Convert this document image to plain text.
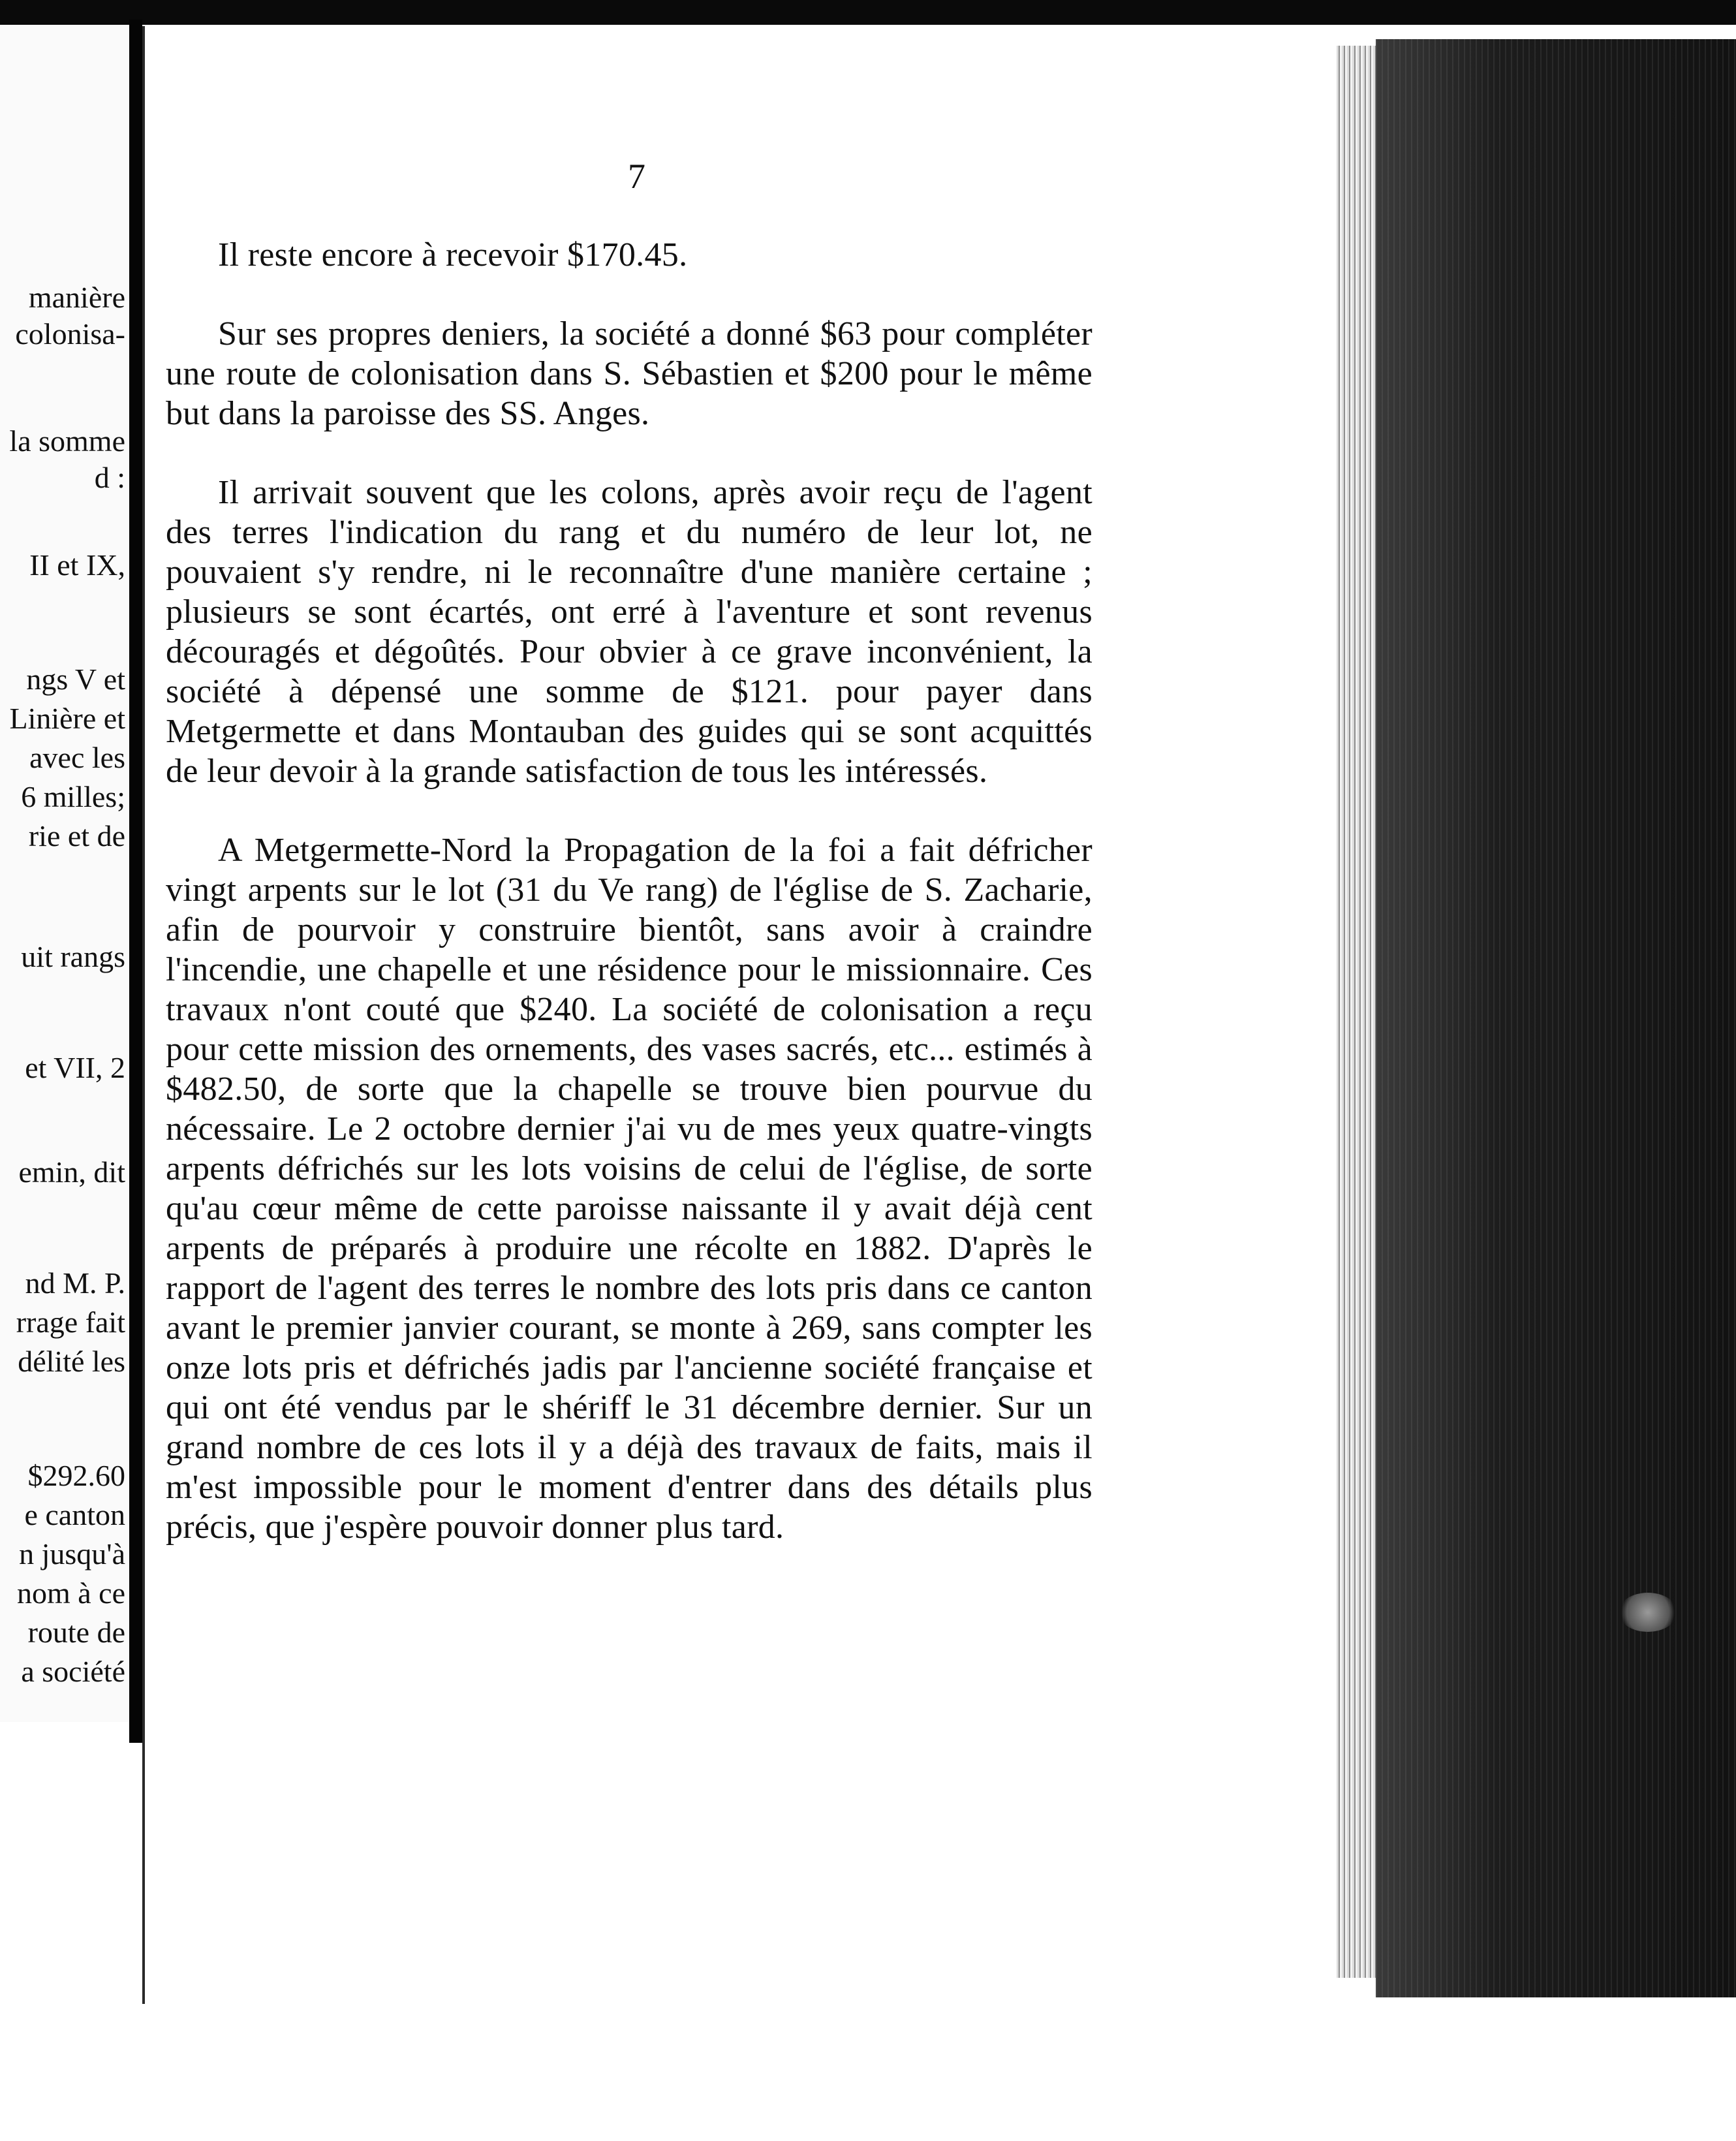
manière
colonisa-
la somme
d :
II et IX,
ngs V et
Linière et
avec les
6 milles;
rie et de
uit rangs
et VII, 2
emin, dit
nd M. P.
rrage fait
délité les
$292.60
e canton
n jusqu'à
nom à ce
route de
a société
7

Il reste encore à recevoir $170.45.

Sur ses propres deniers, la société a donné $63 pour compléter une route de colonisation dans S. Sébastien et $200 pour le même but dans la paroisse des SS. Anges.

Il arrivait souvent que les colons, après avoir reçu de l'agent des terres l'indication du rang et du numéro de leur lot, ne pouvaient s'y rendre, ni le reconnaître d'une manière certaine ; plusieurs se sont écartés, ont erré à l'aventure et sont revenus découragés et dégoûtés. Pour obvier à ce grave inconvénient, la société à dépensé une somme de $121. pour payer dans Metgermette et dans Montauban des guides qui se sont acquittés de leur devoir à la grande satisfaction de tous les intéressés.

A Metgermette-Nord la Propagation de la foi a fait défricher vingt arpents sur le lot (31 du Ve rang) de l'église de S. Zacharie, afin de pourvoir y construire bientôt, sans avoir à craindre l'incendie, une chapelle et une résidence pour le missionnaire. Ces travaux n'ont couté que $240. La société de colonisation a reçu pour cette mission des ornements, des vases sacrés, etc... estimés à $482.50, de sorte que la chapelle se trouve bien pourvue du nécessaire. Le 2 octobre dernier j'ai vu de mes yeux quatre-vingts arpents défrichés sur les lots voisins de celui de l'église, de sorte qu'au cœur même de cette paroisse naissante il y avait déjà cent arpents de préparés à produire une récolte en 1882. D'après le rapport de l'agent des terres le nombre des lots pris dans ce canton avant le premier janvier courant, se monte à 269, sans compter les onze lots pris et défrichés jadis par l'ancienne société française et qui ont été vendus par le shériff le 31 décembre dernier. Sur un grand nombre de ces lots il y a déjà des travaux de faits, mais il m'est impossible pour le moment d'entrer dans des détails plus précis, que j'espère pouvoir donner plus tard.
